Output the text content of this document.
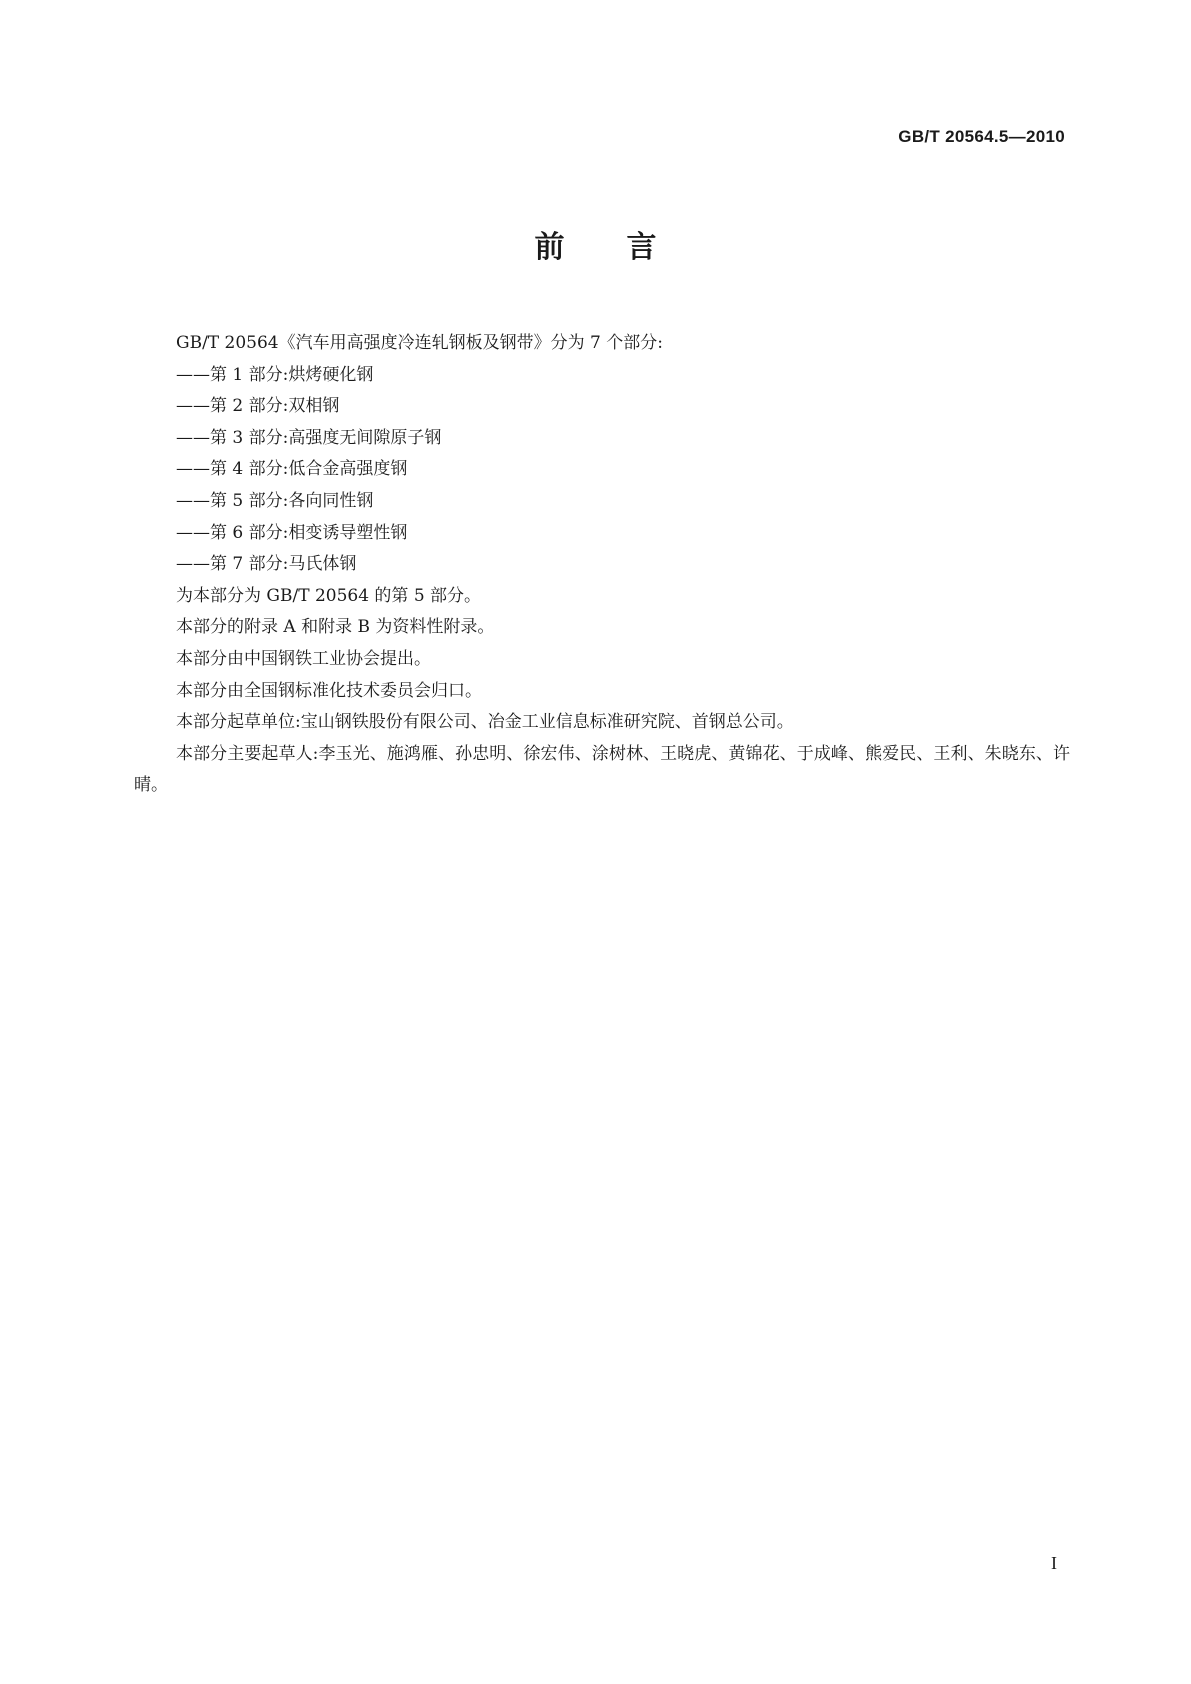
GB/T 20564.5—2010
前言

GB/T 20564《汽车用高强度冷连轧钢板及钢带》分为 7 个部分:

——第 1 部分:烘烤硬化钢

——第 2 部分:双相钢

——第 3 部分:高强度无间隙原子钢

——第 4 部分:低合金高强度钢

——第 5 部分:各向同性钢

——第 6 部分:相变诱导塑性钢

——第 7 部分:马氏体钢

为本部分为 GB/T 20564 的第 5 部分。

本部分的附录 A 和附录 B 为资料性附录。

本部分由中国钢铁工业协会提出。

本部分由全国钢标准化技术委员会归口。

本部分起草单位:宝山钢铁股份有限公司、冶金工业信息标准研究院、首钢总公司。

本部分主要起草人:李玉光、施鸿雁、孙忠明、徐宏伟、涂树林、王晓虎、黄锦花、于成峰、熊爱民、王利、朱晓东、许晴。

I
